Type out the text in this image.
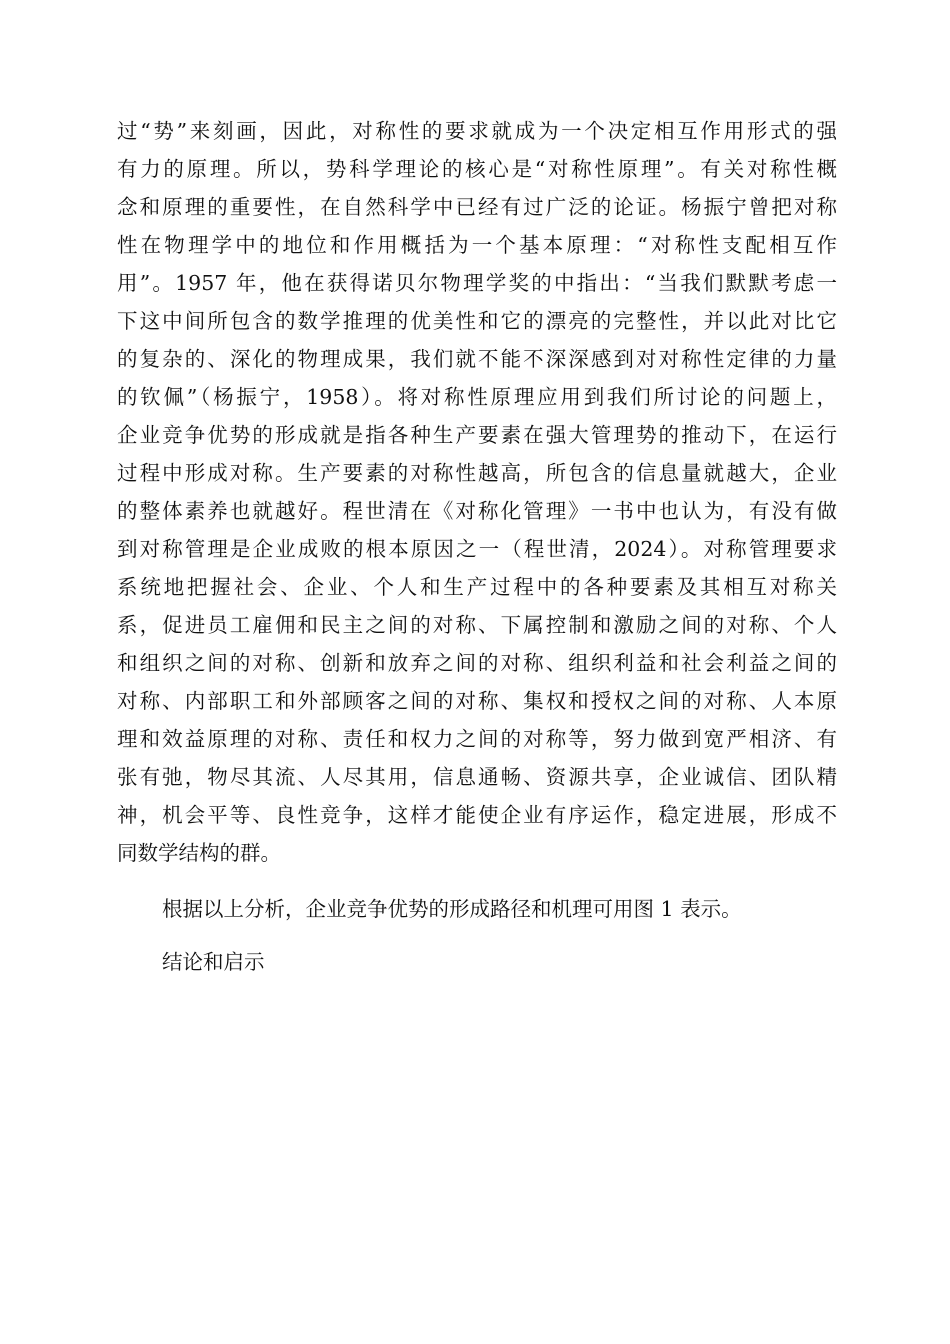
过“势”来刻画，因此，对称性的要求就成为一个决定相互作用形式的强
有力的原理。所以，势科学理论的核心是“对称性原理”。有关对称性概
念和原理的重要性，在自然科学中已经有过广泛的论证。杨振宁曾把对称
性在物理学中的地位和作用概括为一个基本原理：“对称性支配相互作
用”。1957 年，他在获得诺贝尔物理学奖的中指出：“当我们默默考虑一
下这中间所包含的数学推理的优美性和它的漂亮的完整性，并以此对比它
的复杂的、深化的物理成果，我们就不能不深深感到对对称性定律的力量
的钦佩”（杨振宁，1958）。将对称性原理应用到我们所讨论的问题上，
企业竞争优势的形成就是指各种生产要素在强大管理势的推动下，在运行
过程中形成对称。生产要素的对称性越高，所包含的信息量就越大，企业
的整体素养也就越好。程世清在《对称化管理》一书中也认为，有没有做
到对称管理是企业成败的根本原因之一（程世清，2024）。对称管理要求
系统地把握社会、企业、个人和生产过程中的各种要素及其相互对称关
系，促进员工雇佣和民主之间的对称、下属控制和激励之间的对称、个人
和组织之间的对称、创新和放弃之间的对称、组织利益和社会利益之间的
对称、内部职工和外部顾客之间的对称、集权和授权之间的对称、人本原
理和效益原理的对称、责任和权力之间的对称等，努力做到宽严相济、有
张有弛，物尽其流、人尽其用，信息通畅、资源共享，企业诚信、团队精
神，机会平等、良性竞争，这样才能使企业有序运作，稳定进展，形成不
同数学结构的群。
根据以上分析，企业竞争优势的形成路径和机理可用图 1 表示。
结论和启示
